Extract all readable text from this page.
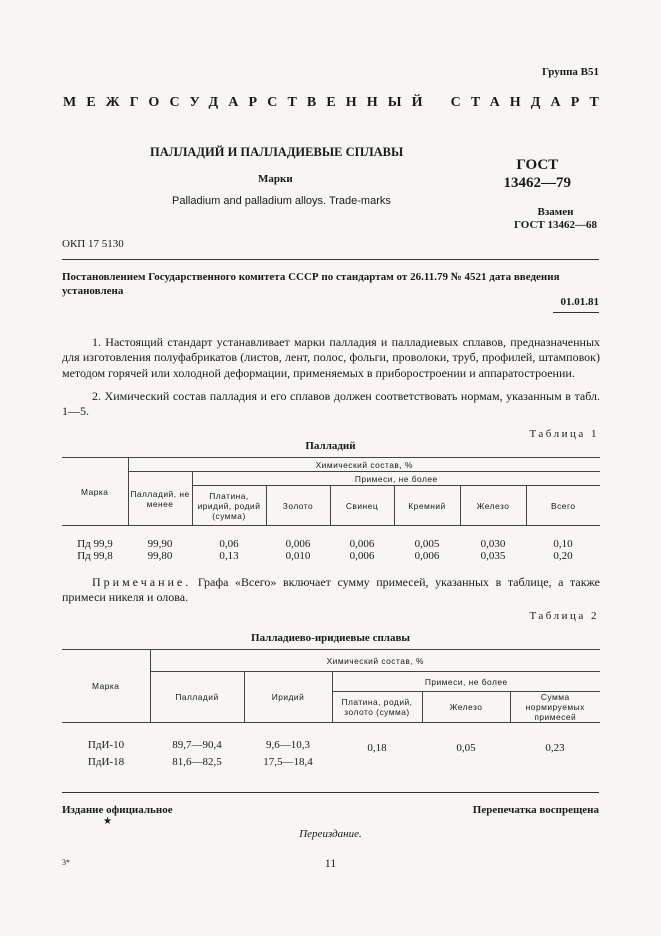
Группа В51
МЕЖГОСУДАРСТВЕННЫЙ СТАНДАРТ
ПАЛЛАДИЙ И ПАЛЛАДИЕВЫЕ СПЛАВЫ
Марки
Palladium and palladium alloys. Trade-marks
ГОСТ
13462—79
Взамен
ГОСТ 13462—68
ОКП 17 5130
Постановлением Государственного комитета СССР по стандартам от 26.11.79 № 4521 дата введения установлена
01.01.81
1. Настоящий стандарт устанавливает марки палладия и палладиевых сплавов, предназначенных для изготовления полуфабрикатов (листов, лент, полос, фольги, проволоки, труб, профилей, штамповок) методом горячей или холодной деформации, применяемых в приборостроении и аппаратостроении.
2. Химический состав палладия и его сплавов должен соответствовать нормам, указанным в табл. 1—5.
Таблица 1
Палладий
Марка	Химический состав, %						
	Палладий, не менее	Примеси, не более					
		Платина, иридий, родий (сумма)	Золото	Свинец	Кремний	Железо	Всего

Пд 99,9	99,90	0,06	0,006	0,006	0,005	0,030	0,10
Пд 99,8	99,80	0,13	0,010	0,006	0,006	0,035	0,20
Примечание. Графа «Всего» включает сумму примесей, указанных в таблице, а также примеси никеля и олова.
Таблица 2
Палладиево-иридиевые сплавы
Марка	Химический состав, %				
	Палладий	Иридий	Примеси, не более		
			Платина, родий, золото (сумма)	Железо	Сумма нормируемых примесей
ПдИ-10	89,7—90,4	9,6—10,3	0,18	0,05	0,23
ПдИ-18	81,6—82,5	17,5—18,4			
Издание официальное	Перепечатка воспрещена
★
Переиздание.
11
3*
